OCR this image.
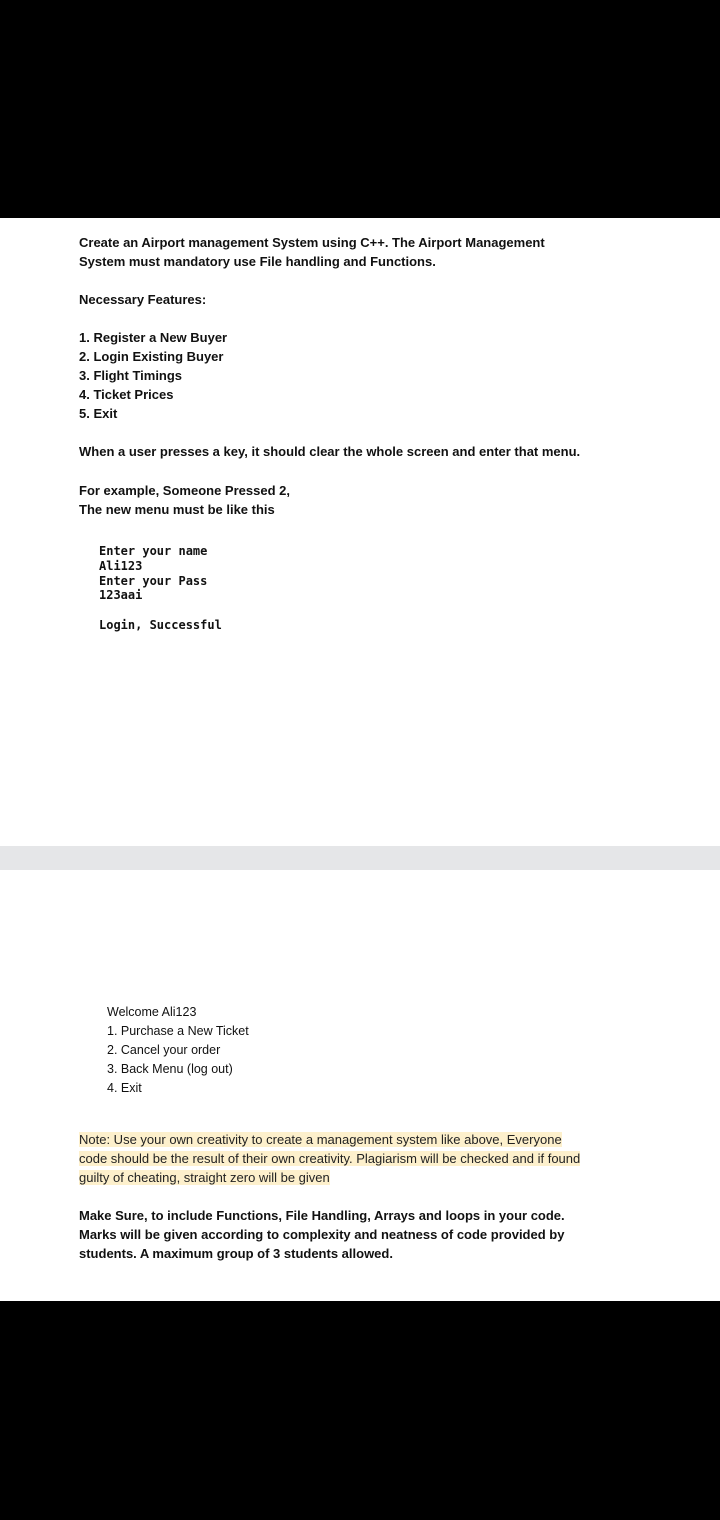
Create an Airport management System using C++. The Airport Management

System must mandatory use File handling and Functions.

Necessary Features:

1. Register a New Buyer

2. Login Existing Buyer

3. Flight Timings

4. Ticket Prices

5. Exit

When a user presses a key, it should clear the whole screen and enter that menu.

For example, Someone Pressed 2,

The new menu must be like this

Enter your name

Ali123

Enter your Pass

123aai

Login, Successful

Welcome Ali123

1. Purchase a New Ticket

2. Cancel your order

3. Back Menu (log out)

4. Exit

Note: Use your own creativity to create a management system like above, Everyone

code should be the result of their own creativity. Plagiarism will be checked and if found

guilty of cheating, straight zero will be given

Make Sure, to include Functions, File Handling, Arrays and loops in your code.

Marks will be given according to complexity and neatness of code provided by

students. A maximum group of 3 students allowed.
